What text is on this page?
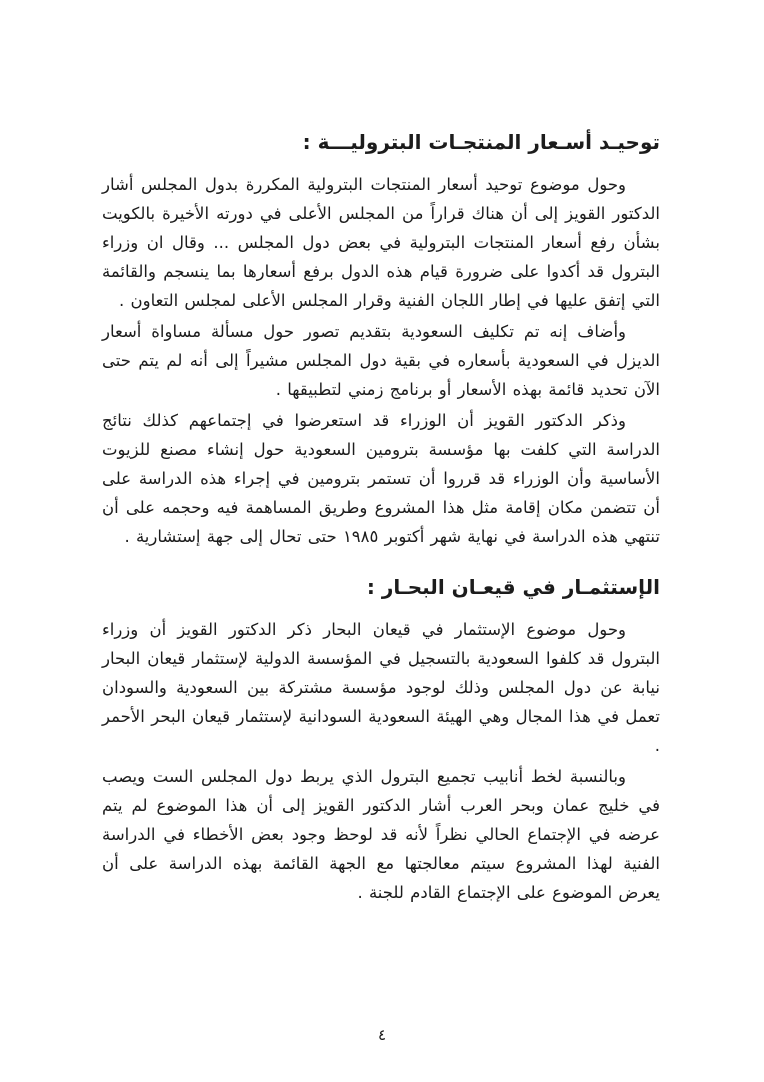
توحيـد أسـعار المنتجـات البتروليـــة :

وحول موضوع توحيد أسعار المنتجات البترولية المكررة بدول المجلس أشار الدكتور القويز إلى أن هناك قراراً من المجلس الأعلى في دورته الأخيرة بالكويت بشأن رفع أسعار المنتجات البترولية في بعض دول المجلس ... وقال ان وزراء البترول قد أكدوا على ضرورة قيام هذه الدول برفع أسعارها بما ينسجم والقائمة التي إتفق عليها في إطار اللجان الفنية وقرار المجلس الأعلى لمجلس التعاون .

وأضاف إنه تم تكليف السعودية بتقديم تصور حول مسألة مساواة أسعار الديزل في السعودية بأسعاره في بقية دول المجلس مشيراً إلى أنه لم يتم حتى الآن تحديد قائمة بهذه الأسعار أو برنامج زمني لتطبيقها .

وذكر الدكتور القويز أن الوزراء قد استعرضوا في إجتماعهم كذلك نتائج الدراسة التي كلفت بها مؤسسة بترومين السعودية حول إنشاء مصنع للزيوت الأساسية وأن الوزراء قد قرروا أن تستمر بترومين في إجراء هذه الدراسة على أن تتضمن مكان إقامة مثل هذا المشروع وطريق المساهمة فيه وحجمه على أن تنتهي هذه الدراسة في نهاية شهر أكتوبر ١٩٨٥ حتى تحال إلى جهة إستشارية .

الإستثمـار في قيعـان البحـار :

وحول موضوع الإستثمار في قيعان البحار ذكر الدكتور القويز أن وزراء البترول قد كلفوا السعودية بالتسجيل في المؤسسة الدولية لإستثمار قيعان البحار نيابة عن دول المجلس وذلك لوجود مؤسسة مشتركة بين السعودية والسودان تعمل في هذا المجال وهي الهيئة السعودية السودانية لإستثمار قيعان البحر الأحمر .

وبالنسبة لخط أنابيب تجميع البترول الذي يربط دول المجلس الست ويصب في خليج عمان وبحر العرب أشار الدكتور القويز إلى أن هذا الموضوع لم يتم عرضه في الإجتماع الحالي نظراً لأنه قد لوحظ وجود بعض الأخطاء في الدراسة الفنية لهذا المشروع سيتم معالجتها مع الجهة القائمة بهذه الدراسة على أن يعرض الموضوع على الإجتماع القادم للجنة .

٤
